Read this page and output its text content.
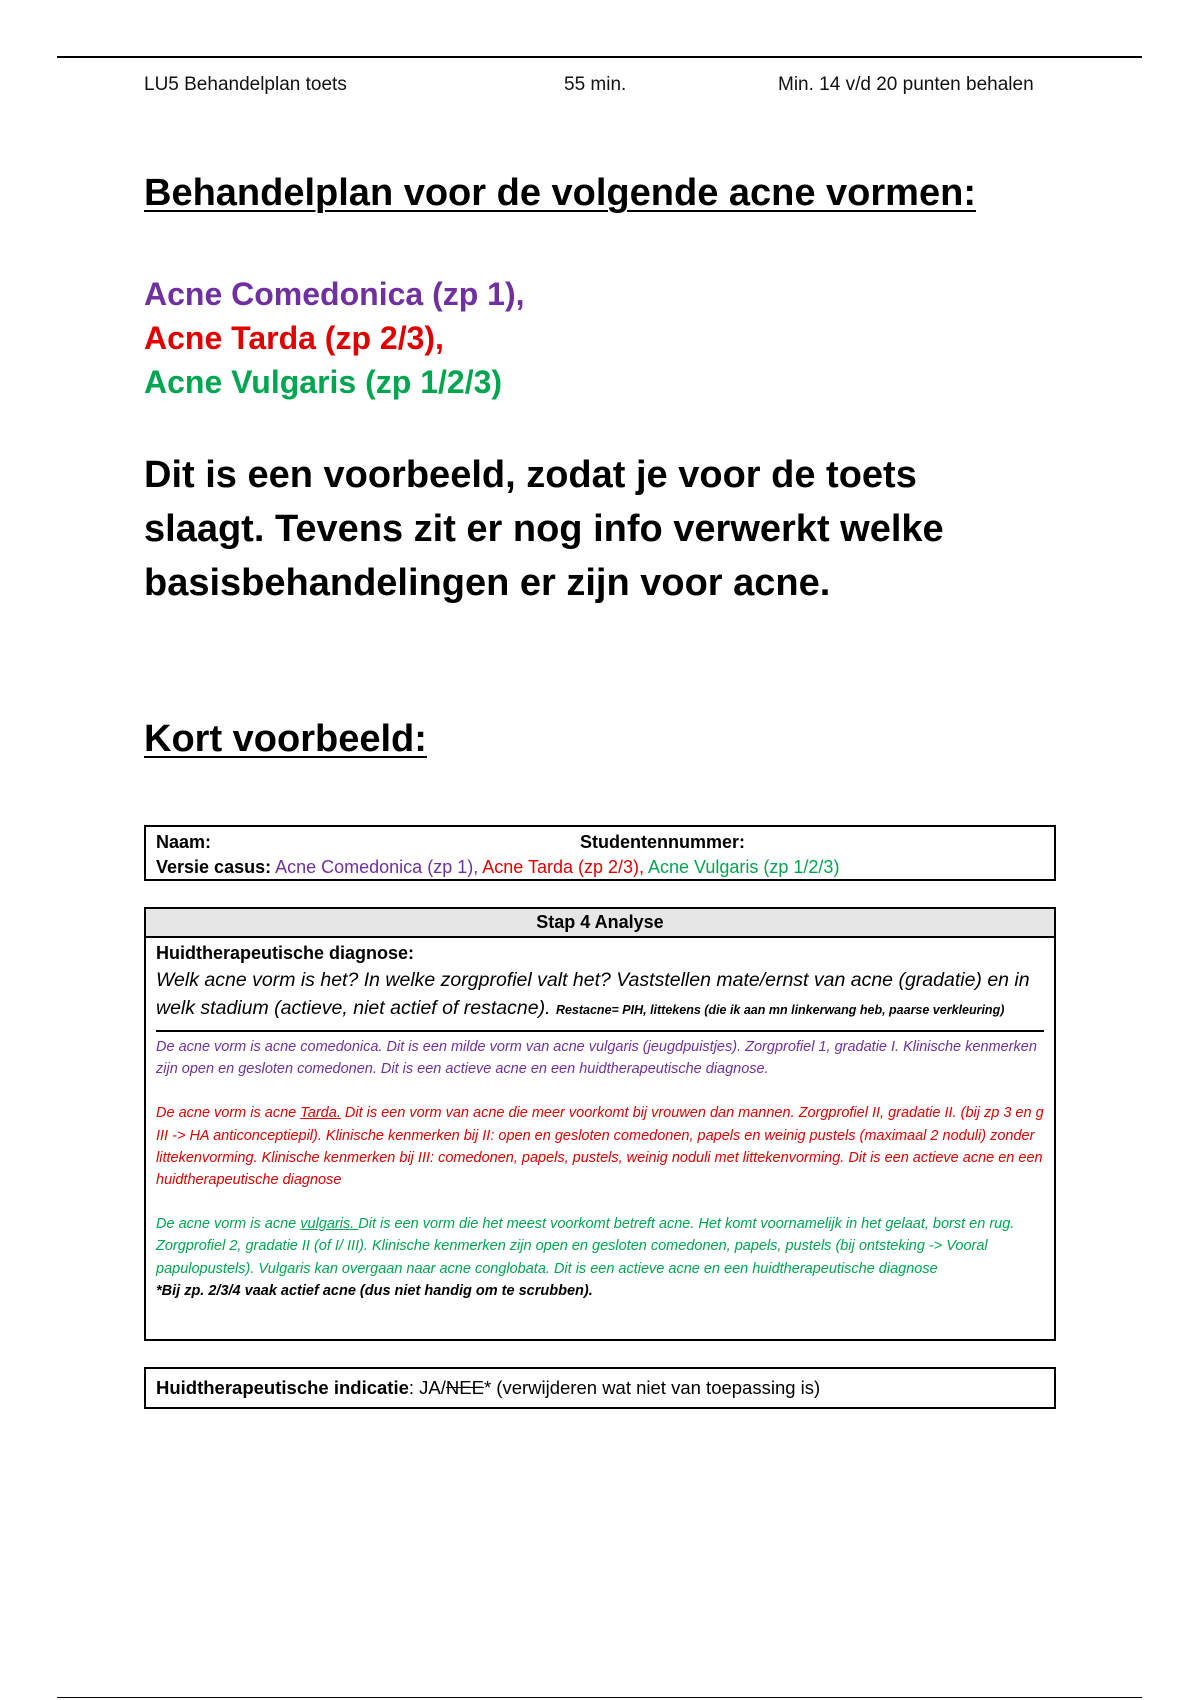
LU5 Behandelplan toets	55 min.	Min. 14 v/d 20 punten behalen
Behandelplan voor de volgende acne vormen:
Acne Comedonica (zp 1),
Acne Tarda (zp 2/3),
Acne Vulgaris (zp 1/2/3)

Dit is een voorbeeld, zodat je voor de toets slaagt. Tevens zit er nog info verwerkt welke basisbehandelingen er zijn voor acne.

Kort voorbeeld:
Naam:	Studentennummer:
Versie casus: Acne Comedonica (zp 1), Acne Tarda (zp 2/3), Acne Vulgaris (zp 1/2/3)
Stap 4 Analyse
Huidtherapeutische diagnose:
Welk acne vorm is het? In welke zorgprofiel valt het? Vaststellen mate/ernst van acne (gradatie) en in welk stadium (actieve, niet actief of restacne). Restacne= PIH, littekens (die ik aan mn linkerwang heb, paarse verkleuring)
De acne vorm is acne comedonica. Dit is een milde vorm van acne vulgaris (jeugdpuistjes). Zorgprofiel 1, gradatie I. Klinische kenmerken zijn open en gesloten comedonen. Dit is een actieve acne en een huidtherapeutische diagnose.
De acne vorm is acne Tarda. Dit is een vorm van acne die meer voorkomt bij vrouwen dan mannen. Zorgprofiel II, gradatie II. (bij zp 3 en g III -> HA anticonceptiepil). Klinische kenmerken bij II: open en gesloten comedonen, papels en weinig pustels (maximaal 2 noduli) zonder littekenvorming. Klinische kenmerken bij III: comedonen, papels, pustels, weinig noduli met littekenvorming. Dit is een actieve acne en een huidtherapeutische diagnose
De acne vorm is acne vulgaris. Dit is een vorm die het meest voorkomt betreft acne. Het komt voornamelijk in het gelaat, borst en rug. Zorgprofiel 2, gradatie II (of I/ III). Klinische kenmerken zijn open en gesloten comedonen, papels, pustels (bij ontsteking -> Vooral papulopustels). Vulgaris kan overgaan naar acne conglobata. Dit is een actieve acne en een huidtherapeutische diagnose
*Bij zp. 2/3/4 vaak actief acne (dus niet handig om te scrubben).
Huidtherapeutische indicatie: JA/NEE* (verwijderen wat niet van toepassing is)
